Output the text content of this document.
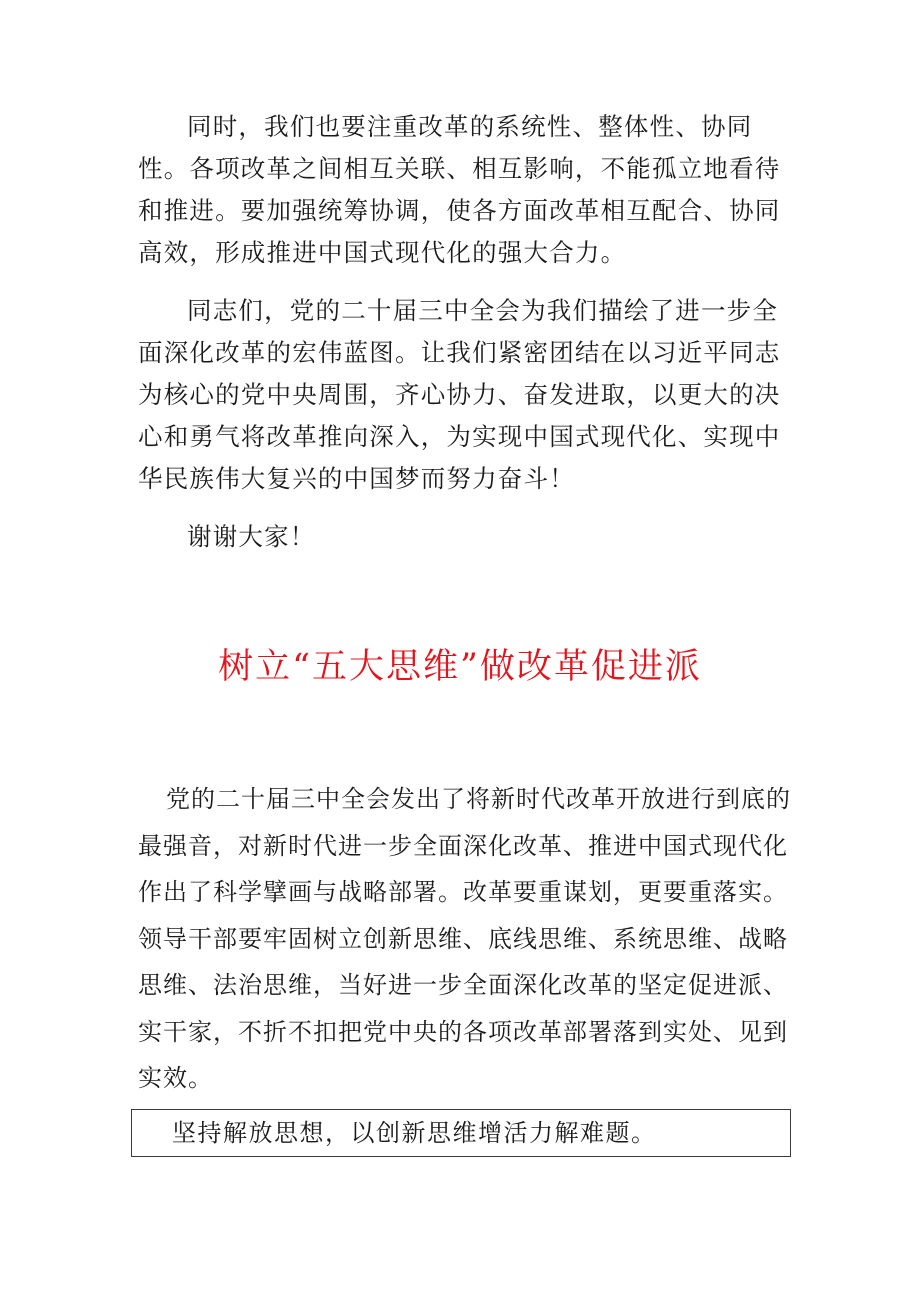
同时，我们也要注重改革的系统性、整体性、协同性。各项改革之间相互关联、相互影响，不能孤立地看待和推进。要加强统筹协调，使各方面改革相互配合、协同高效，形成推进中国式现代化的强大合力。

同志们，党的二十届三中全会为我们描绘了进一步全面深化改革的宏伟蓝图。让我们紧密团结在以习近平同志为核心的党中央周围，齐心协力、奋发进取，以更大的决心和勇气将改革推向深入，为实现中国式现代化、实现中华民族伟大复兴的中国梦而努力奋斗！

谢谢大家！

树立“五大思维”做改革促进派

党的二十届三中全会发出了将新时代改革开放进行到底的最强音，对新时代进一步全面深化改革、推进中国式现代化作出了科学擘画与战略部署。改革要重谋划，更要重落实。领导干部要牢固树立创新思维、底线思维、系统思维、战略思维、法治思维，当好进一步全面深化改革的坚定促进派、实干家，不折不扣把党中央的各项改革部署落到实处、见到实效。

坚持解放思想，以创新思维增活力解难题。
